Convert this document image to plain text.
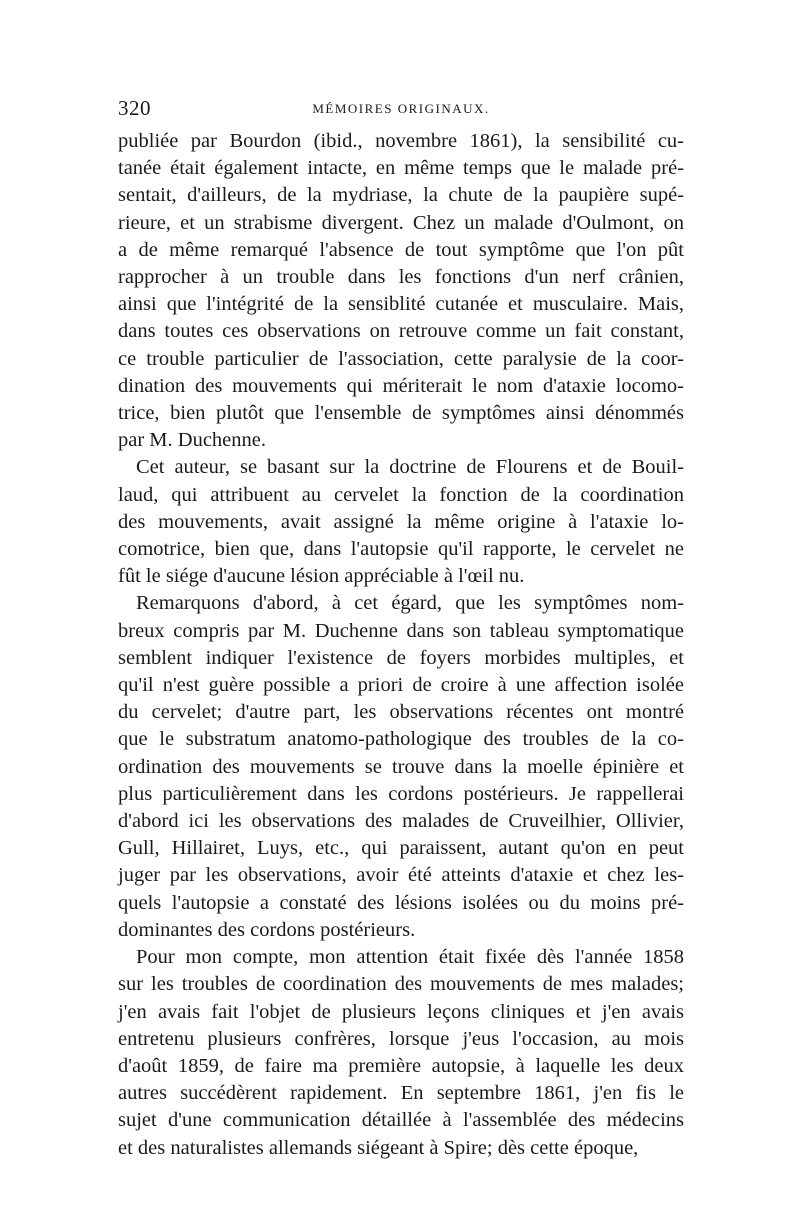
320	MÉMOIRES ORIGINAUX.
publiée par Bourdon (ibid., novembre 1861), la sensibilité cu-
tanée était également intacte, en même temps que le malade pré-
sentait, d'ailleurs, de la mydriase, la chute de la paupière supé-
rieure, et un strabisme divergent. Chez un malade d'Oulmont, on
a de même remarqué l'absence de tout symptôme que l'on pût
rapprocher à un trouble dans les fonctions d'un nerf crânien,
ainsi que l'intégrité de la sensiblité cutanée et musculaire. Mais,
dans toutes ces observations on retrouve comme un fait constant,
ce trouble particulier de l'association, cette paralysie de la coor-
dination des mouvements qui mériterait le nom d'ataxie locomo-
trice, bien plutôt que l'ensemble de symptômes ainsi dénommés
par M. Duchenne.
Cet auteur, se basant sur la doctrine de Flourens et de Bouil-
laud, qui attribuent au cervelet la fonction de la coordination
des mouvements, avait assigné la même origine à l'ataxie lo-
comotrice, bien que, dans l'autopsie qu'il rapporte, le cervelet ne
fût le siége d'aucune lésion appréciable à l'œil nu.
Remarquons d'abord, à cet égard, que les symptômes nom-
breux compris par M. Duchenne dans son tableau symptomatique
semblent indiquer l'existence de foyers morbides multiples, et
qu'il n'est guère possible a priori de croire à une affection isolée
du cervelet; d'autre part, les observations récentes ont montré
que le substratum anatomo-pathologique des troubles de la co-
ordination des mouvements se trouve dans la moelle épinière et
plus particulièrement dans les cordons postérieurs. Je rappellerai
d'abord ici les observations des malades de Cruveilhier, Ollivier,
Gull, Hillairet, Luys, etc., qui paraissent, autant qu'on en peut
juger par les observations, avoir été atteints d'ataxie et chez les-
quels l'autopsie a constaté des lésions isolées ou du moins pré-
dominantes des cordons postérieurs.
Pour mon compte, mon attention était fixée dès l'année 1858
sur les troubles de coordination des mouvements de mes malades;
j'en avais fait l'objet de plusieurs leçons cliniques et j'en avais
entretenu plusieurs confrères, lorsque j'eus l'occasion, au mois
d'août 1859, de faire ma première autopsie, à laquelle les deux
autres succédèrent rapidement. En septembre 1861, j'en fis le
sujet d'une communication détaillée à l'assemblée des médecins
et des naturalistes allemands siégeant à Spire; dès cette époque,
